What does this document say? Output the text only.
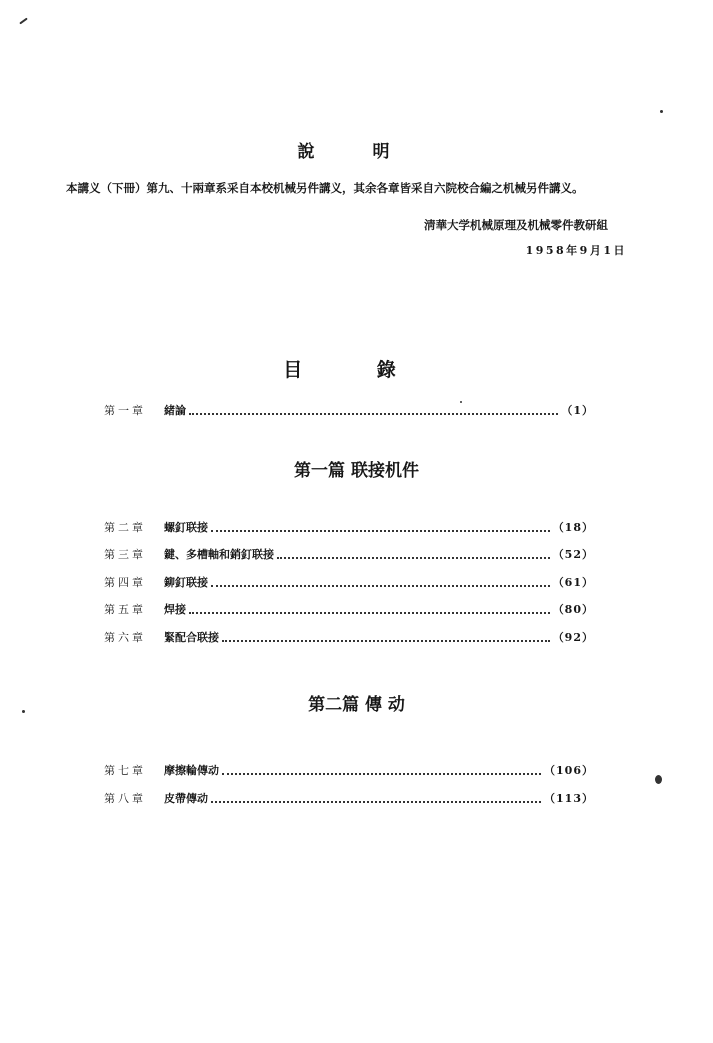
說 明
本講义（下冊）第九、十兩章系采自本校机械另件講义，其余各章皆采自六院校合編之机械另件講义。
淸華大学机械原理及机械零件教研組
1958年9月1日
目 錄
第一章	緒論	（1）
第一篇 联接机件
第二章	螺釘联接	（18）
第三章	鍵、多槽軸和銷釘联接	（52）
第四章	鉚釘联接	（61）
第五章	焊接	（80）
第六章	緊配合联接	（92）
第二篇 傳 动
第七章	摩擦輪傳动	（106）
第八章	皮帶傳动	（113）
